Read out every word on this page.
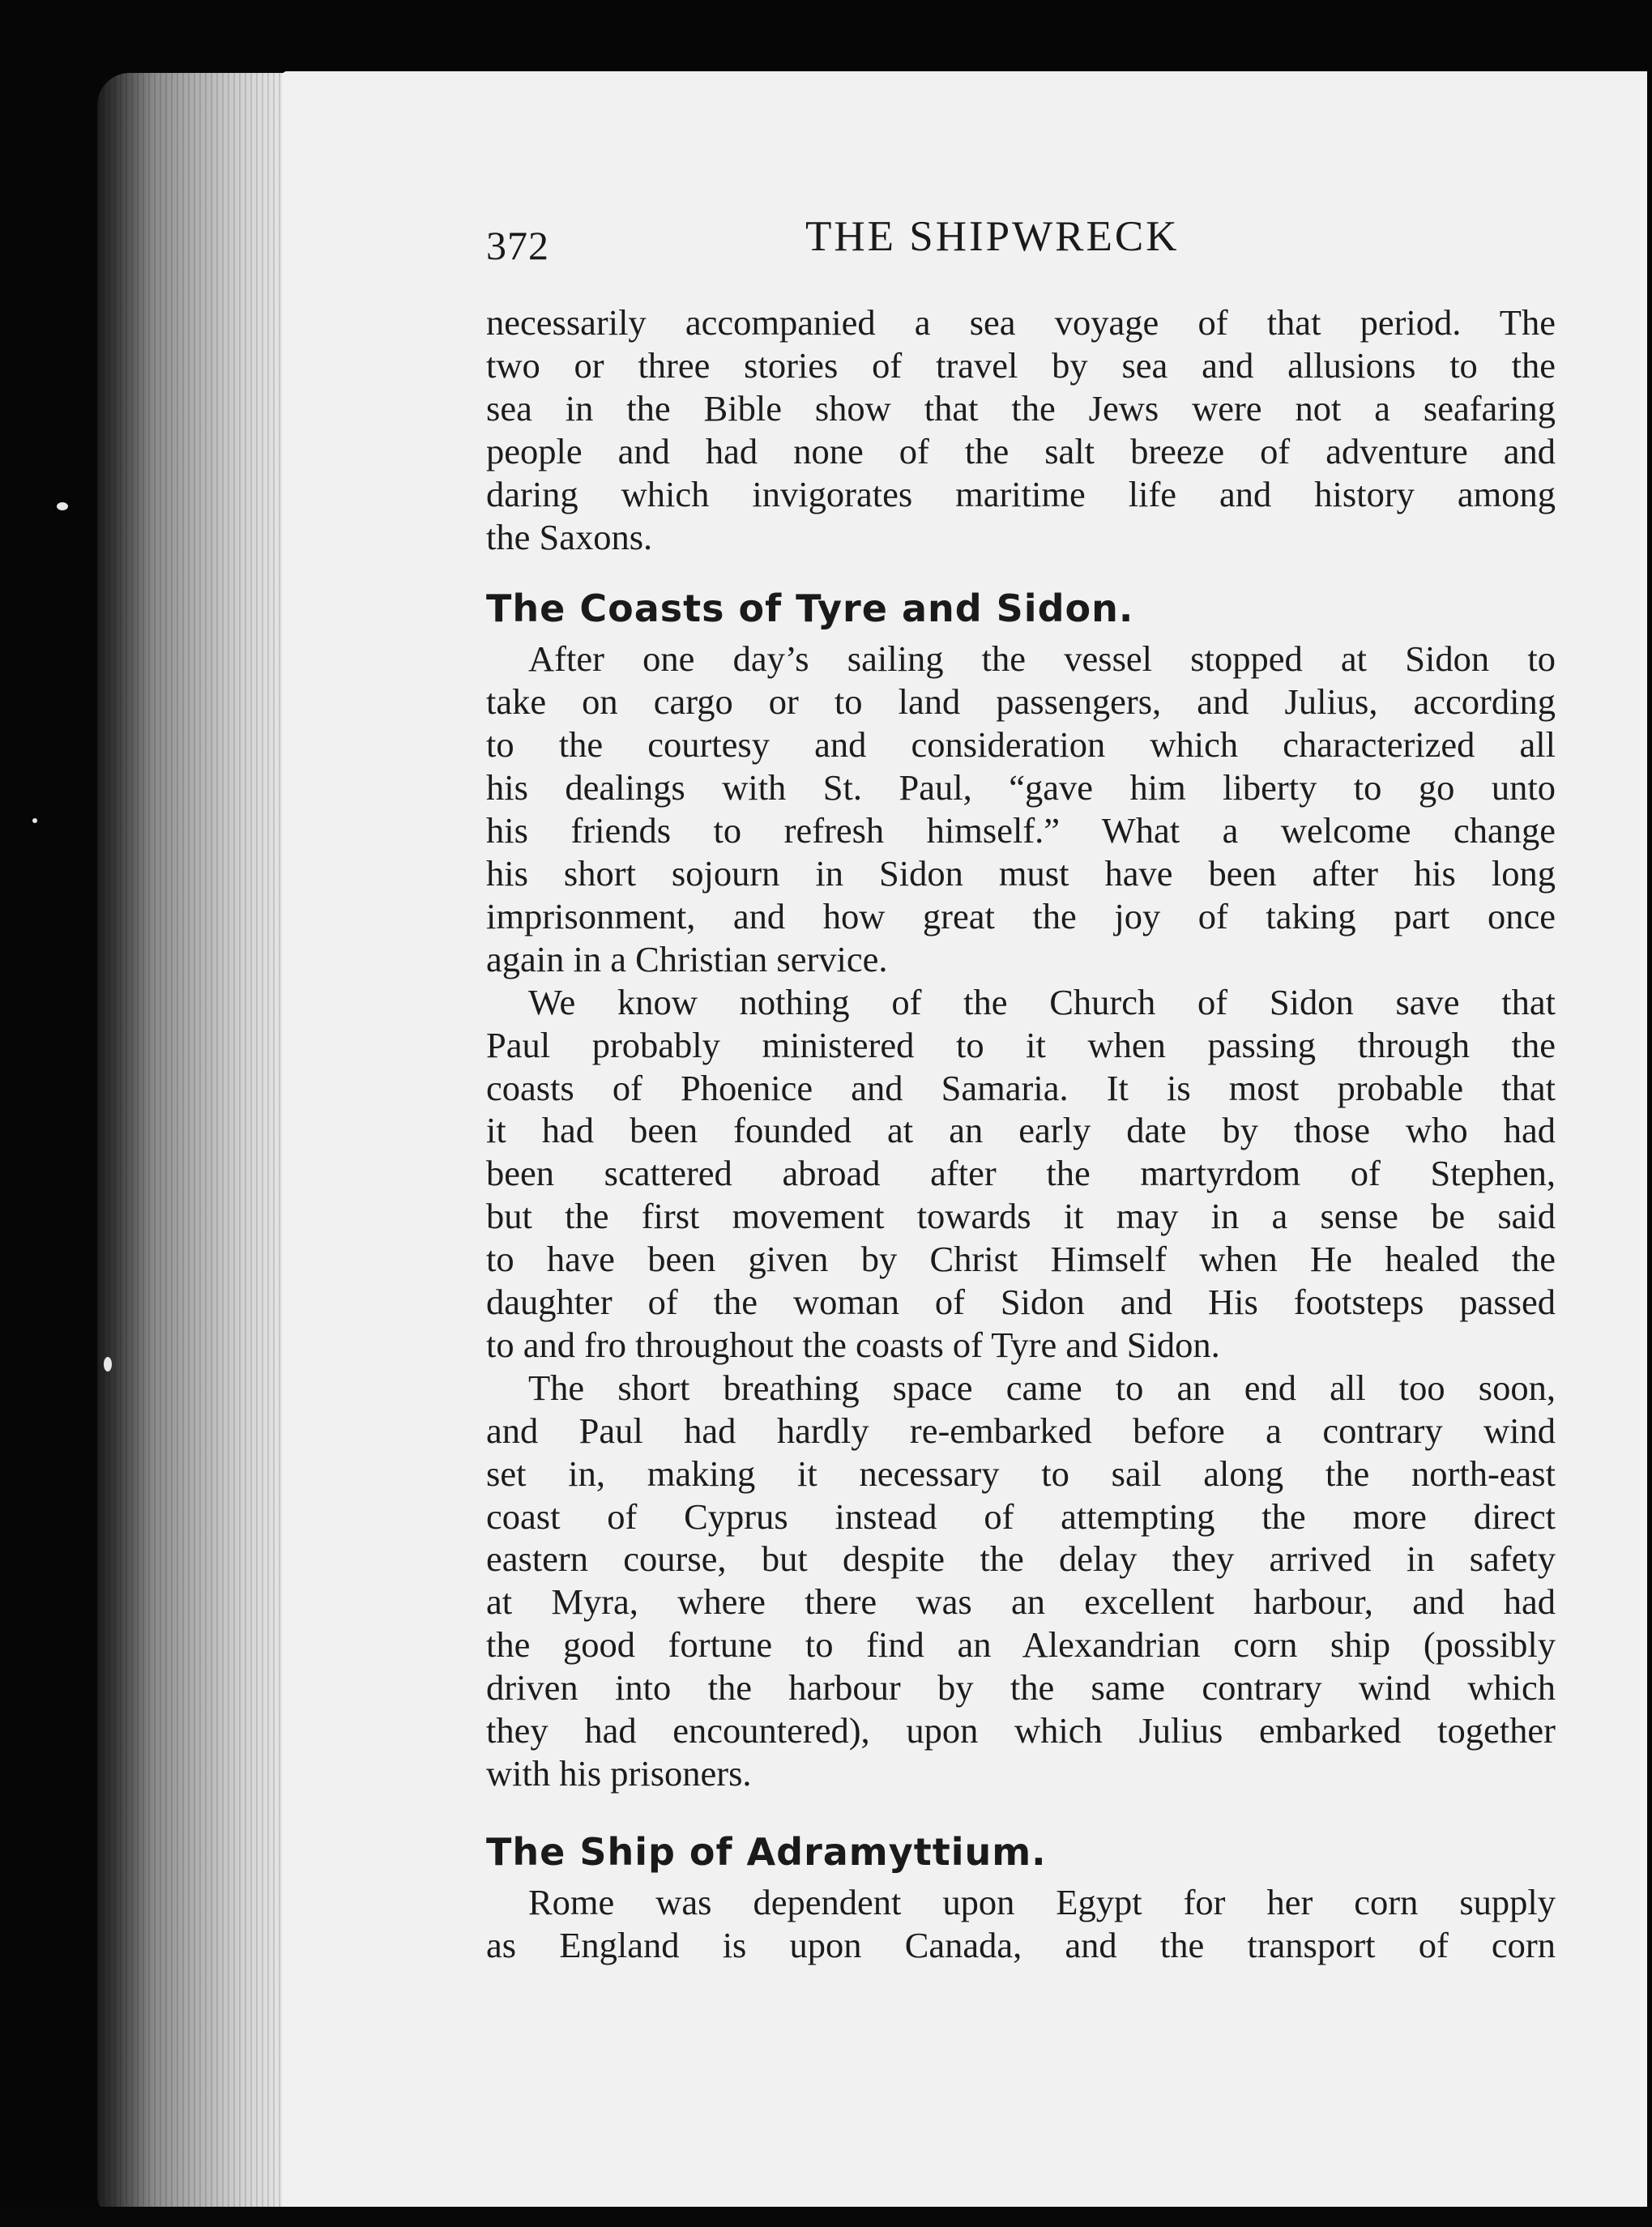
372	THE SHIPWRECK

necessarily accompanied a sea voyage of that period. The

two or three stories of travel by sea and allusions to the

sea in the Bible show that the Jews were not a seafaring

people and had none of the salt breeze of adventure and

daring which invigorates maritime life and history among

the Saxons.

The Coasts of Tyre and Sidon.

After one day’s sailing the vessel stopped at Sidon to

take on cargo or to land passengers, and Julius, according

to the courtesy and consideration which characterized all

his dealings with St. Paul, “gave him liberty to go unto

his friends to refresh himself.” What a welcome change

his short sojourn in Sidon must have been after his long

imprisonment, and how great the joy of taking part once

again in a Christian service.

We know nothing of the Church of Sidon save that

Paul probably ministered to it when passing through the

coasts of Phoenice and Samaria. It is most probable that

it had been founded at an early date by those who had

been scattered abroad after the martyrdom of Stephen,

but the first movement towards it may in a sense be said

to have been given by Christ Himself when He healed the

daughter of the woman of Sidon and His footsteps passed

to and fro throughout the coasts of Tyre and Sidon.

The short breathing space came to an end all too soon,

and Paul had hardly re-embarked before a contrary wind

set in, making it necessary to sail along the north-east

coast of Cyprus instead of attempting the more direct

eastern course, but despite the delay they arrived in safety

at Myra, where there was an excellent harbour, and had

the good fortune to find an Alexandrian corn ship (possibly

driven into the harbour by the same contrary wind which

they had encountered), upon which Julius embarked together

with his prisoners.

The Ship of Adramyttium.

Rome was dependent upon Egypt for her corn supply

as England is upon Canada, and the transport of corn
